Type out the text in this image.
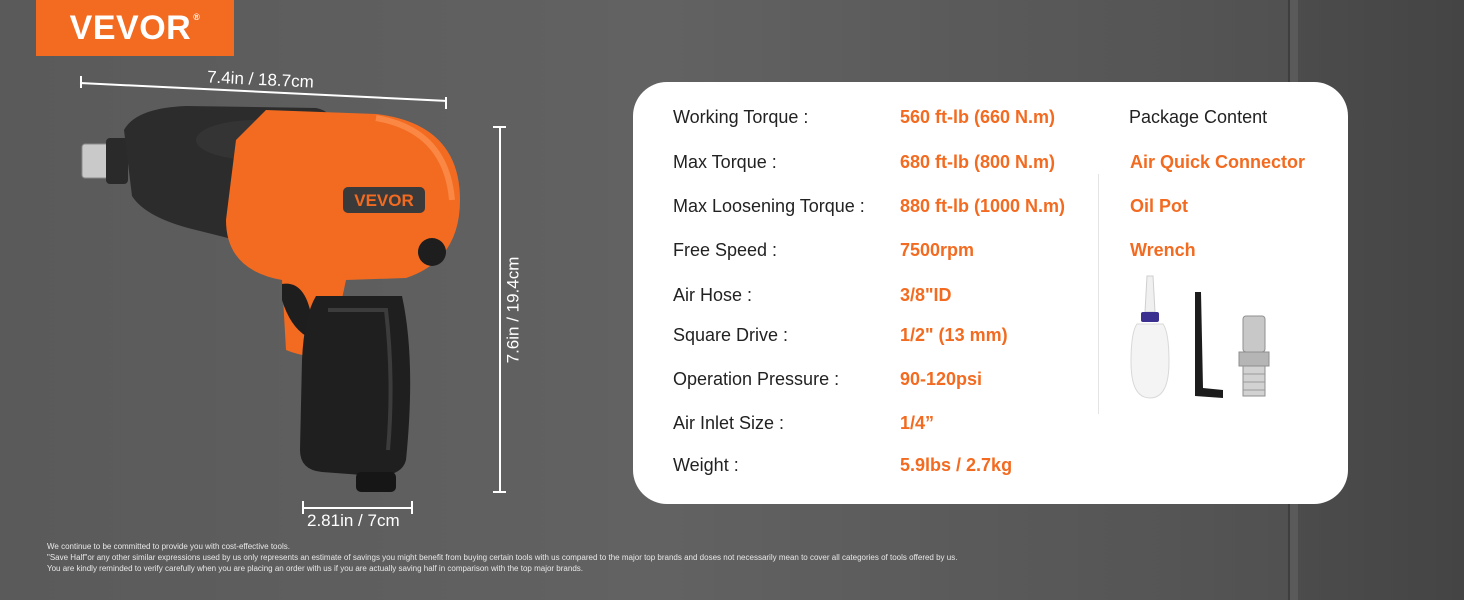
VEVOR®
7.4in / 18.7cm
7.6in / 19.4cm
2.81in / 7cm
VEVOR
Working Torque :	560 ft-lb (660 N.m)
Max Torque :	680 ft-lb (800 N.m)
Max Loosening Torque : 880 ft-lb (1000 N.m)
Free Speed :	7500rpm
Air Hose :	3/8"ID
Square Drive :	1/2" (13 mm)
Operation Pressure :	90-120psi
Air Inlet Size :	1/4”
Weight :	5.9lbs / 2.7kg
Package Content
Air Quick Connector
Oil Pot
Wrench
We continue to be committed to provide you with cost-effective tools.
"Save Half"or any other similar expressions used by us only represents an estimate of savings you might benefit from buying certain tools with us compared to the major top brands and doses not necessarily mean to cover all categories of tools offered by us.
You are kindly reminded to verify carefully when you are placing an order with us if you are actually saving half in comparison with the top major brands.
